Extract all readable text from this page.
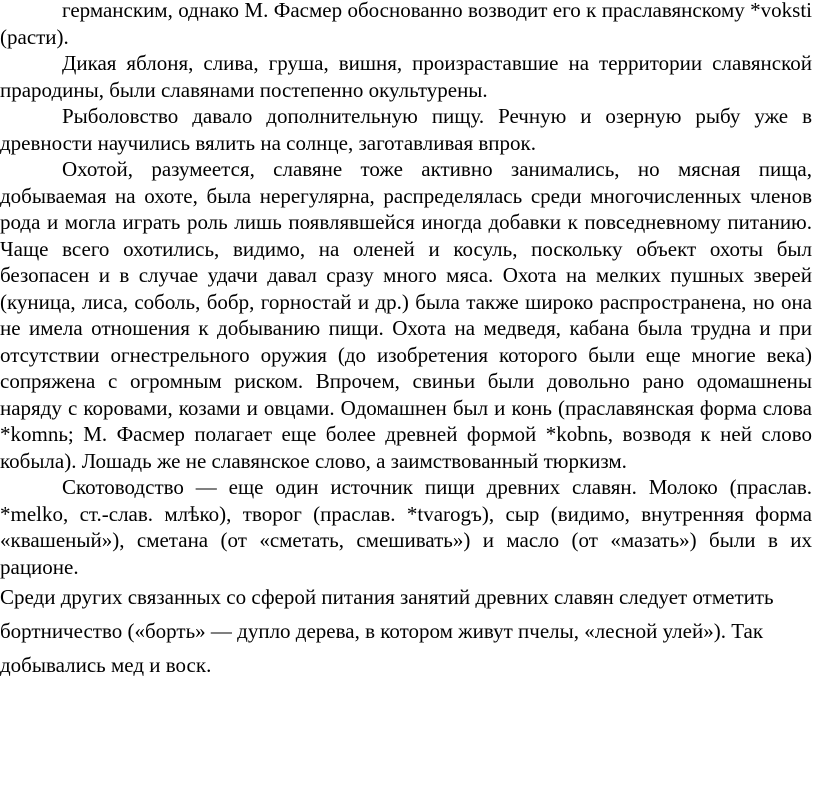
германским, однако М. Фасмер обоснованно возводит его к праславянскому *voksti (расти).

Дикая яблоня, слива, груша, вишня, произраставшие на территории славянской прародины, были славянами постепенно окультурены.

Рыболовство давало дополнительную пищу. Речную и озерную рыбу уже в древности научились вялить на солнце, заготавливая впрок.

Охотой, разумеется, славяне тоже активно занимались, но мясная пища, добываемая на охоте, была нерегулярна, распределялась среди многочисленных членов рода и могла играть роль лишь появлявшейся иногда добавки к повседневному питанию. Чаще всего охотились, видимо, на оленей и косуль, поскольку объект охоты был безопасен и в случае удачи давал сразу много мяса. Охота на мелких пушных зверей (куница, лиса, соболь, бобр, горностай и др.) была также широко распространена, но она не имела отношения к добыванию пищи. Охота на медведя, кабана была трудна и при отсутствии огнестрельного оружия (до изобретения которого были еще многие века) сопряжена с огромным риском. Впрочем, свиньи были довольно рано одомашнены наряду с коровами, козами и овцами. Одомашнен был и конь (праславянская форма слова *komnь; М. Фасмер полагает еще более древней формой *kobnь, возводя к ней слово кобыла). Лошадь же не славянское слово, а заимствованный тюркизм.

Скотоводство — еще один источник пищи древних славян. Молоко (праслав. *melko, ст.-слав. млѣко), творог (праслав. *tvarogъ), сыр (видимо, внутренняя форма «квашеный»), сметана (от «сметать, смешивать») и масло (от «мазать») были в их рационе.

Среди других связанных со сферой питания занятий древних славян следует отметить бортничество («борть» — дупло дерева, в котором живут пчелы, «лесной улей»). Так добывались мед и воск.
